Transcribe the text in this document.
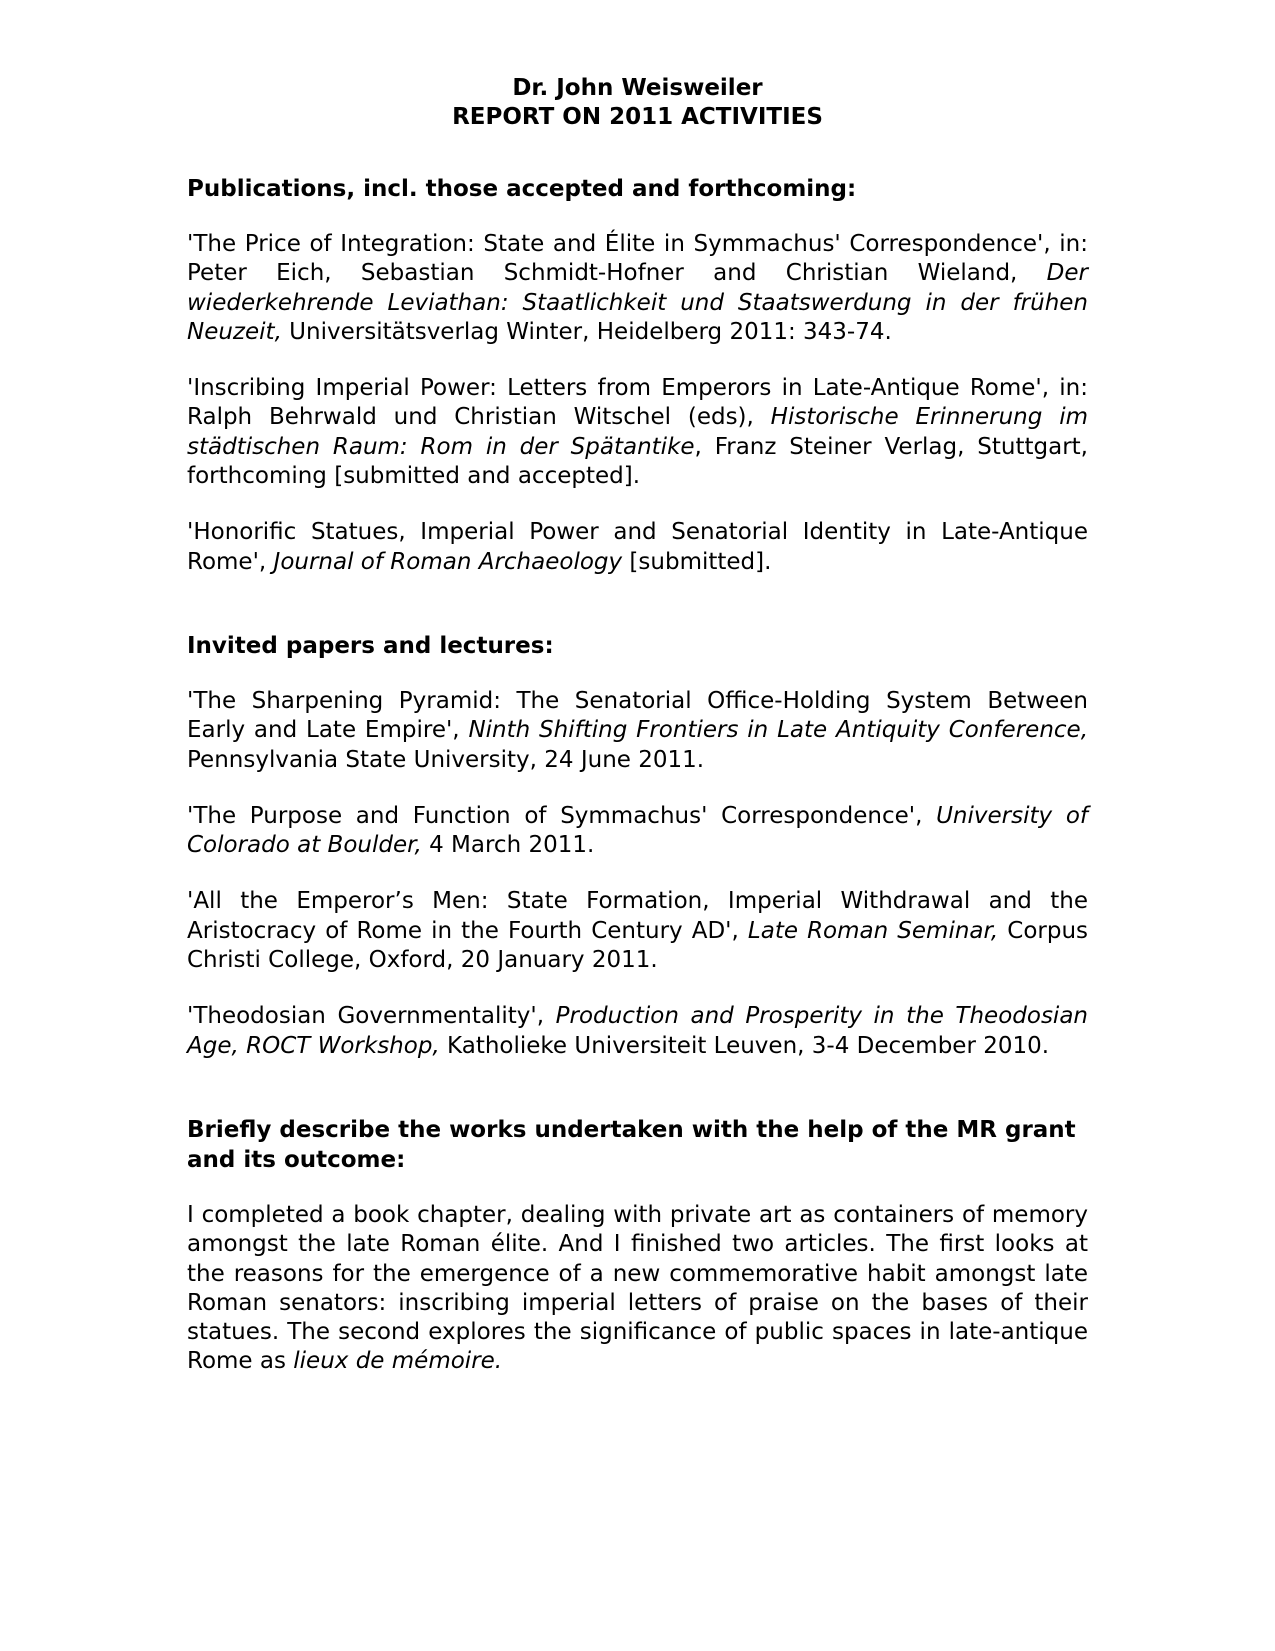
Dr. John Weisweiler
REPORT ON 2011 ACTIVITIES
Publications, incl. those accepted and forthcoming:

'The Price of Integration: State and Élite in Symmachus' Correspondence', in: Peter Eich, Sebastian Schmidt-Hofner and Christian Wieland, Der wiederkehrende Leviathan: Staatlichkeit und Staatswerdung in der frühen Neuzeit, Universitätsverlag Winter, Heidelberg 2011: 343-74.

'Inscribing Imperial Power: Letters from Emperors in Late-Antique Rome', in: Ralph Behrwald und Christian Witschel (eds), Historische Erinnerung im städtischen Raum: Rom in der Spätantike, Franz Steiner Verlag, Stuttgart, forthcoming [submitted and accepted].

'Honorific Statues, Imperial Power and Senatorial Identity in Late-Antique Rome', Journal of Roman Archaeology [submitted].

Invited papers and lectures:

'The Sharpening Pyramid: The Senatorial Office-Holding System Between Early and Late Empire', Ninth Shifting Frontiers in Late Antiquity Conference, Pennsylvania State University, 24 June 2011.

'The Purpose and Function of Symmachus' Correspondence', University of Colorado at Boulder, 4 March 2011.

'All the Emperor’s Men: State Formation, Imperial Withdrawal and the Aristocracy of Rome in the Fourth Century AD', Late Roman Seminar, Corpus Christi College, Oxford, 20 January 2011.

'Theodosian Governmentality', Production and Prosperity in the Theodosian Age, ROCT Workshop, Katholieke Universiteit Leuven, 3-4 December 2010.

Briefly describe the works undertaken with the help of the MR grant and its outcome:

I completed a book chapter, dealing with private art as containers of memory amongst the late Roman élite. And I finished two articles. The first looks at the reasons for the emergence of a new commemorative habit amongst late Roman senators: inscribing imperial letters of praise on the bases of their statues. The second explores the significance of public spaces in late-antique Rome as lieux de mémoire.
